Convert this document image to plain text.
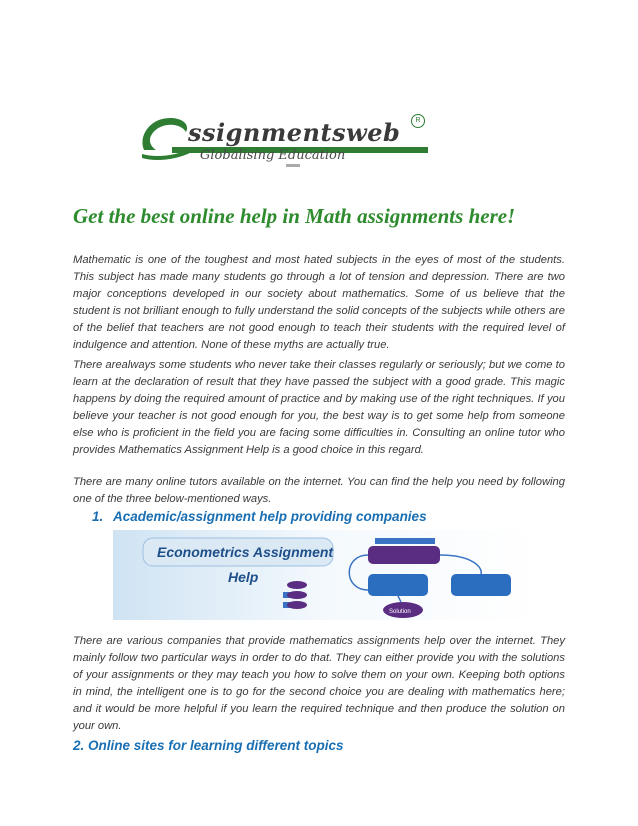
ssignmentsweb	R
Globalising Education
Get the best online help in Math assignments here!

Mathematic is one of the toughest and most hated subjects in the eyes of most of the students. This subject has made many students go through a lot of tension and depression. There are two major conceptions developed in our society about mathematics. Some of us believe that the student is not brilliant enough to fully understand the solid concepts of the subjects while others are of the belief that teachers are not good enough to teach their students with the required level of indulgence and attention. None of these myths are actually true.

There arealways some students who never take their classes regularly or seriously; but we come to learn at the declaration of result that they have passed the subject with a good grade. This magic happens by doing the required amount of practice and by making use of the right techniques. If you believe your teacher is not good enough for you, the best way is to get some help from someone else who is proficient in the field you are facing some difficulties in. Consulting an online tutor who provides Mathematics Assignment Help is a good choice in this regard.

There are many online tutors available on the internet. You can find the help you need by following one of the three below-mentioned ways.

1. Academic/assignment help providing companies
Econometrics Assignment
Help
Solution

There are various companies that provide mathematics assignments help over the internet. They mainly follow two particular ways in order to do that. They can either provide you with the solutions of your assignments or they may teach you how to solve them on your own. Keeping both options in mind, the intelligent one is to go for the second choice you are dealing with mathematics here; and it would be more helpful if you learn the required technique and then produce the solution on your own.

2. Online sites for learning different topics
